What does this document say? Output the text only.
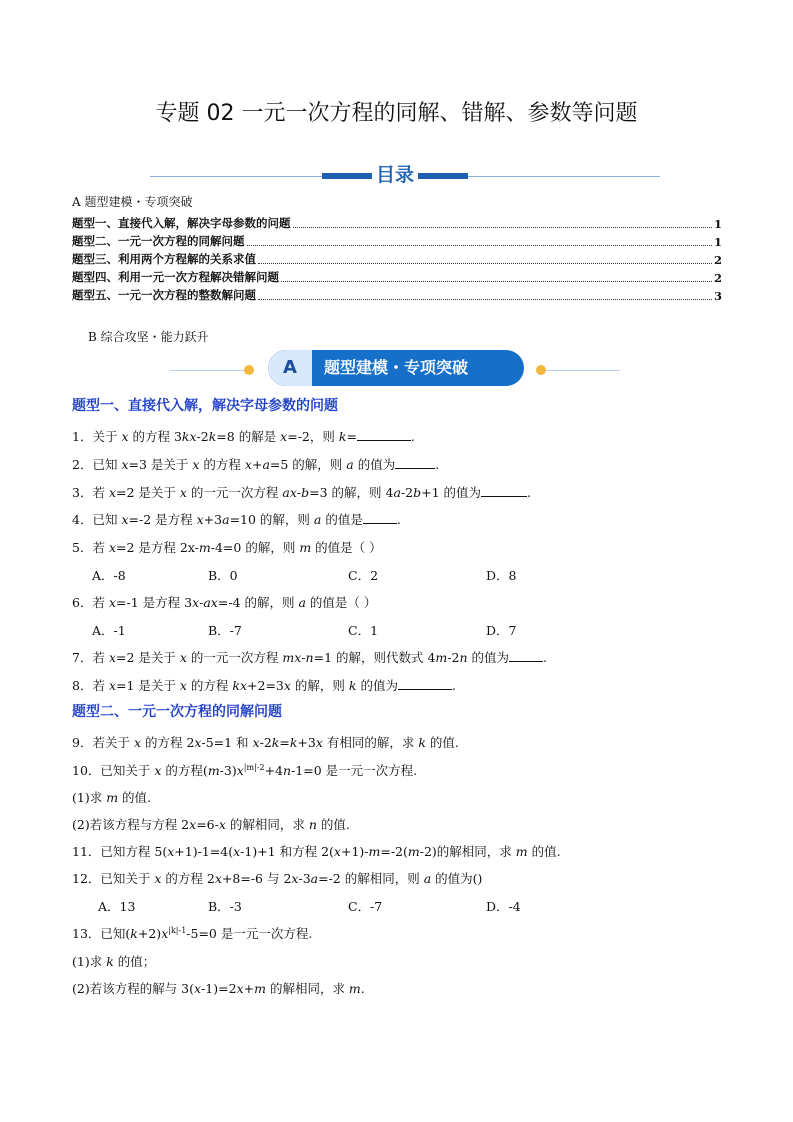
专题 02 一元一次方程的同解、错解、参数等问题
目录
A 题型建模・专项突破
题型一、直接代入解，解决字母参数的问题	1
题型二、一元一次方程的同解问题	1
题型三、利用两个方程解的关系求值	2
题型四、利用一元一次方程解决错解问题	2
题型五、一元一次方程的整数解问题	3
B 综合攻坚・能力跃升
A	题型建模・专项突破
题型一、直接代入解，解决字母参数的问题
1．关于 x 的方程 3kx-2k=8 的解是 x=-2，则 k=	.
2．已知 x=3 是关于 x 的方程 x+a=5 的解，则 a 的值为	.
3．若 x=2 是关于 x 的一元一次方程 ax-b=3 的解，则 4a-2b+1 的值为	.
4．已知 x=-2 是方程 x+3a=10 的解，则 a 的值是	.
5．若 x=2 是方程 2x-m-4=0 的解，则 m 的值是（ ）
A．-8	B．0	C．2	D．8
6．若 x=-1 是方程 3x-ax=-4 的解，则 a 的值是（ ）
A．-1	B．-7	C．1	D．7
7．若 x=2 是关于 x 的一元一次方程 mx-n=1 的解，则代数式 4m-2n 的值为	.
8．若 x=1 是关于 x 的方程 kx+2=3x 的解，则 k 的值为	.
题型二、一元一次方程的同解问题
9．若关于 x 的方程 2x-5=1 和 x-2k=k+3x 有相同的解，求 k 的值.
10．已知关于 x 的方程$(m-3)x^{|m|-2}+4n-1=0$ 是一元一次方程.
(1)求 m 的值.
(2)若该方程与方程 2x=6-x 的解相同，求 n 的值.
11．已知方程 5(x+1)-1=4(x-1)+1 和方程 2(x+1)-m=-2(m-2)的解相同，求 m 的值.
12．已知关于 x 的方程 2x+8=-6 与 2x-3a=-2 的解相同，则 a 的值为()
A．13	B．-3	C．-7	D．-4
13．已知$(k+2)x^{|k|-1}-5=0$ 是一元一次方程.
(1)求 k 的值；
(2)若该方程的解与 3(x-1)=2x+m 的解相同，求 m.
